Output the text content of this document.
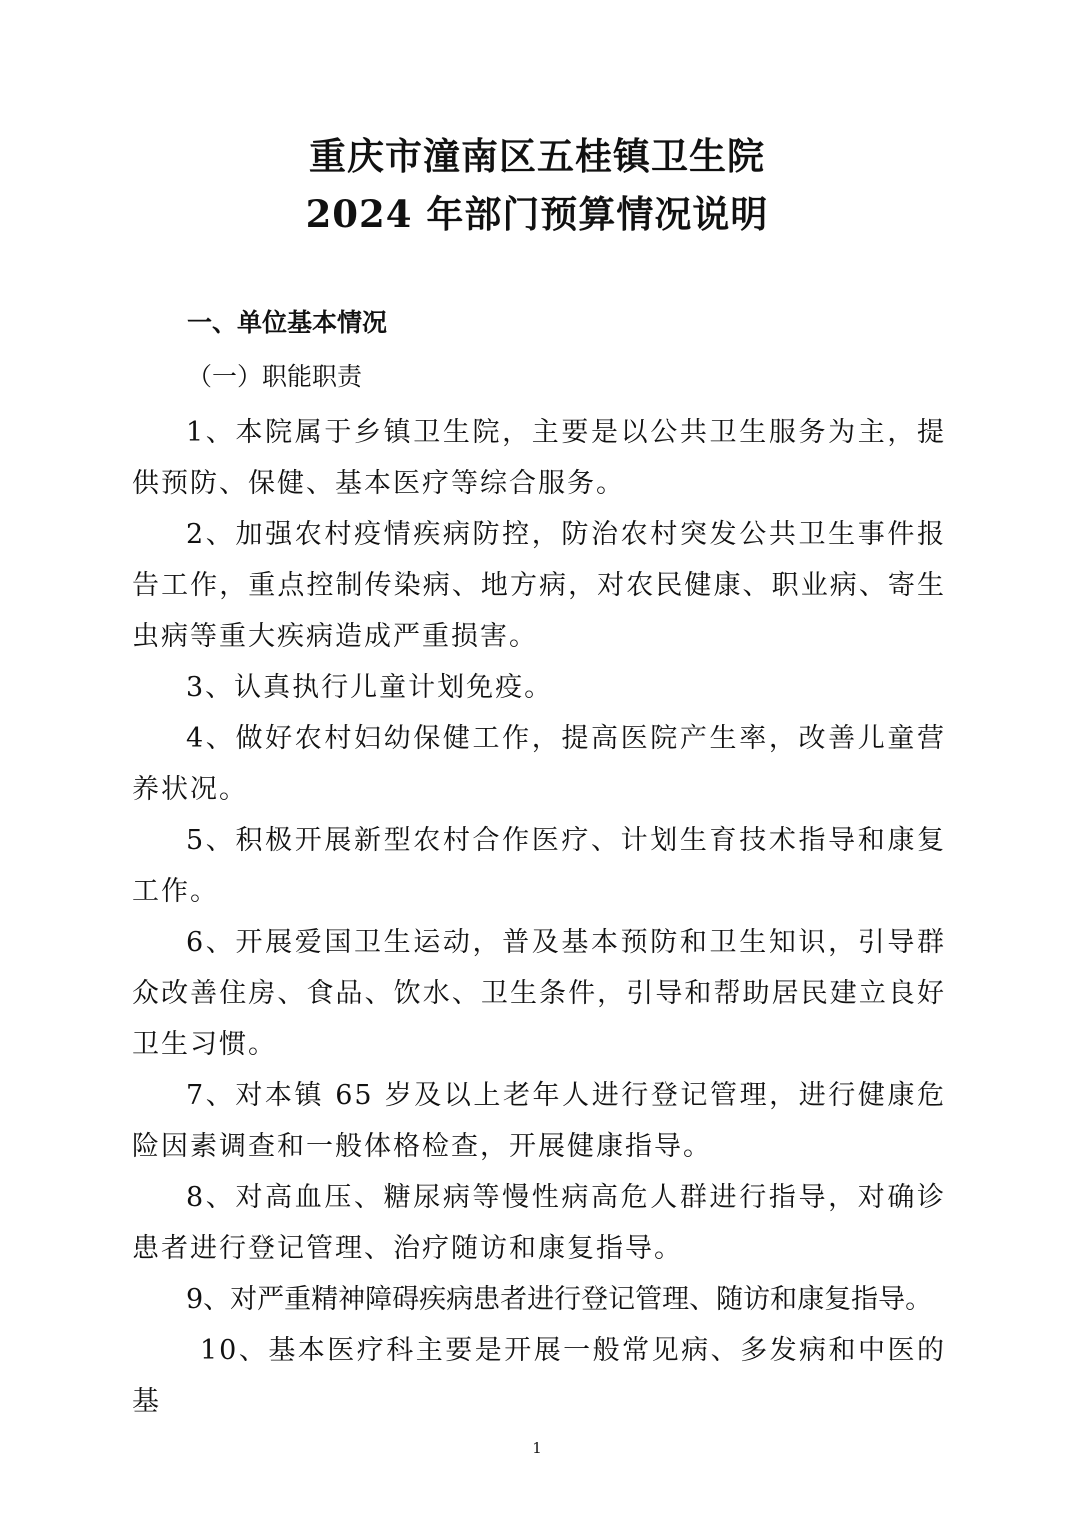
重庆市潼南区五桂镇卫生院
2024 年部门预算情况说明
一、单位基本情况
（一）职能职责

1、本院属于乡镇卫生院，主要是以公共卫生服务为主，提供预防、保健、基本医疗等综合服务。

2、加强农村疫情疾病防控，防治农村突发公共卫生事件报告工作，重点控制传染病、地方病，对农民健康、职业病、寄生虫病等重大疾病造成严重损害。

3、认真执行儿童计划免疫。

4、做好农村妇幼保健工作，提高医院产生率，改善儿童营养状况。

5、积极开展新型农村合作医疗、计划生育技术指导和康复工作。

6、开展爱国卫生运动，普及基本预防和卫生知识，引导群众改善住房、食品、饮水、卫生条件，引导和帮助居民建立良好卫生习惯。

7、对本镇 65 岁及以上老年人进行登记管理，进行健康危险因素调查和一般体格检查，开展健康指导。

8、对高血压、糖尿病等慢性病高危人群进行指导，对确诊患者进行登记管理、治疗随访和康复指导。

9、对严重精神障碍疾病患者进行登记管理、随访和康复指导。

10、基本医疗科主要是开展一般常见病、多发病和中医的基

1
